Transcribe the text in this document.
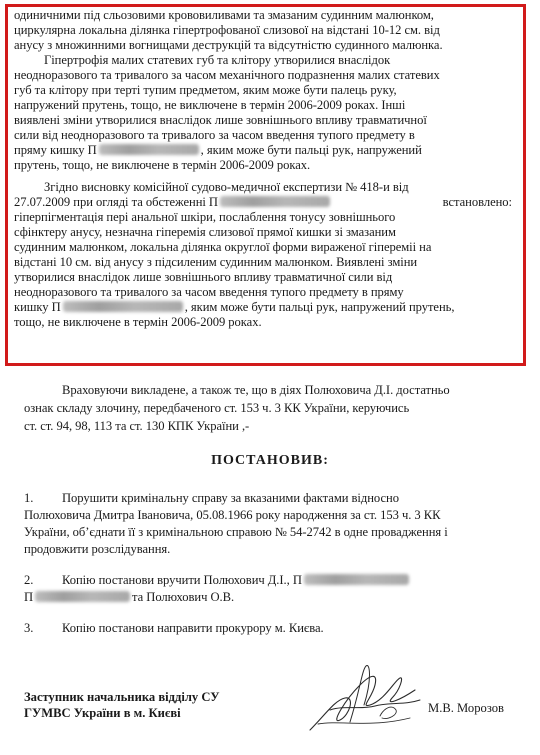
одиничними під сльозовими крововиливами та змазаним судинним малюнком,
циркулярна локальна ділянка гіпертрофованої слизової на відстані 10-12 см. від
анусу з множинними вогнищами деструкцій та відсутністю судинного малюнка.
Гіпертрофія малих статевих губ та клітору утворилися внаслідок
неодноразового та тривалого за часом механічного подразнення малих статевих
губ та клітору при терті тупим предметом, яким може бути палець руку,
напружений прутень, тощо, не виключене в термін 2006-2009 роках. Інші
виявлені зміни утворилися внаслідок лише зовнішнього впливу травматичної
сили від неодноразового та тривалого за часом введення тупого предмету в
пряму кишку П	, яким може бути пальці рук, напружений
прутень, тощо, не виключене в термін 2006-2009 роках.
Згідно висновку комісійної судово-медичної експертизи № 418-и від
27.07.2009 при огляді та обстеженні П	встановлено:
гіперпігментація пері анальної шкіри, послаблення тонусу зовнішнього
сфінктеру анусу, незначна гіперемія слизової прямої кишки зі змазаним
судинним малюнком, локальна ділянка округлої форми вираженої гіпереміі на
відстані 10 см. від анусу з підсиленим судинним малюнком. Виявлені зміни
утворилися внаслідок лише зовнішнього впливу травматичної сили від
неодноразового та тривалого за часом введення тупого предмету в пряму
кишку П	, яким може бути пальці рук, напружений прутень,
тощо, не виключене в термін 2006-2009 роках.
Враховуючи викладене, а також те, що в діях Полюховича Д.І. достатньо
ознак складу злочину, передбаченого ст. 153 ч. 3 КК України, керуючись
ст. ст. 94, 98, 113 та ст. 130 КПК України ,-
ПОСТАНОВИВ:
1. Порушити кримінальну справу за вказаними фактами відносно
Полюховича Дмитра Івановича, 05.08.1966 року народження за ст. 153 ч. 3 КК
України, об’єднати її з кримінальною справою № 54-2742 в одне провадження і
продовжити розслідування.
2. Копію постанови вручити Полюхович Д.І., П
П	та Полюхович О.В.
3. Копію постанови направити прокурору м. Києва.
Заступник начальника відділу СУ
ГУМВС України в м. Києві	М.В. Морозов
